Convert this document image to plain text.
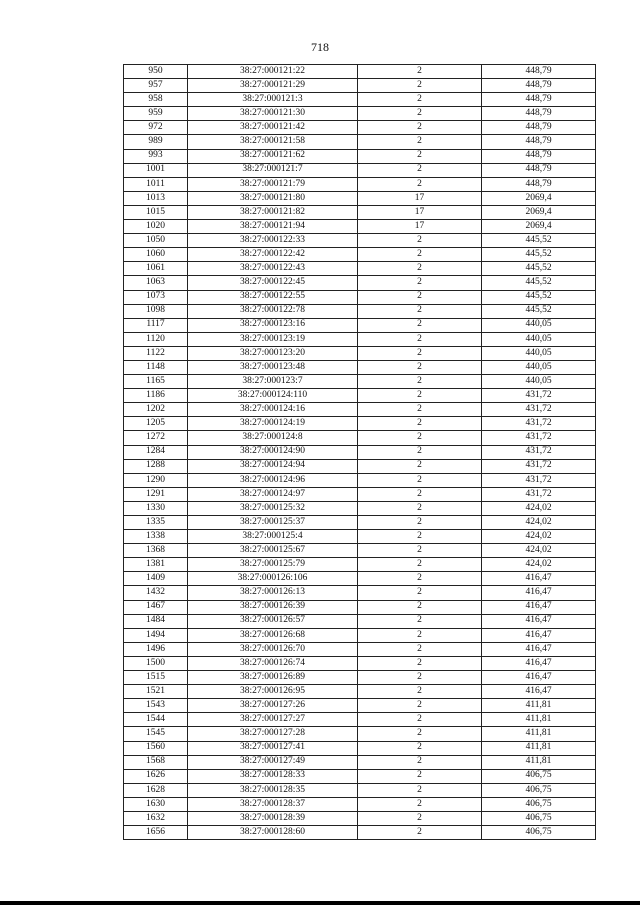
718
950	38:27:000121:22	2	448,79
957	38:27:000121:29	2	448,79
958	38:27:000121:3	2	448,79
959	38:27:000121:30	2	448,79
972	38:27:000121:42	2	448,79
989	38:27:000121:58	2	448,79
993	38:27:000121:62	2	448,79
1001	38:27:000121:7	2	448,79
1011	38:27:000121:79	2	448,79
1013	38:27:000121:80	17	2069,4
1015	38:27:000121:82	17	2069,4
1020	38:27:000121:94	17	2069,4
1050	38:27:000122:33	2	445,52
1060	38:27:000122:42	2	445,52
1061	38:27:000122:43	2	445,52
1063	38:27:000122:45	2	445,52
1073	38:27:000122:55	2	445,52
1098	38:27:000122:78	2	445,52
1117	38:27:000123:16	2	440,05
1120	38:27:000123:19	2	440,05
1122	38:27:000123:20	2	440,05
1148	38:27:000123:48	2	440,05
1165	38:27:000123:7	2	440,05
1186	38:27:000124:110	2	431,72
1202	38:27:000124:16	2	431,72
1205	38:27:000124:19	2	431,72
1272	38:27:000124:8	2	431,72
1284	38:27:000124:90	2	431,72
1288	38:27:000124:94	2	431,72
1290	38:27:000124:96	2	431,72
1291	38:27:000124:97	2	431,72
1330	38:27:000125:32	2	424,02
1335	38:27:000125:37	2	424,02
1338	38:27:000125:4	2	424,02
1368	38:27:000125:67	2	424,02
1381	38:27:000125:79	2	424,02
1409	38:27:000126:106	2	416,47
1432	38:27:000126:13	2	416,47
1467	38:27:000126:39	2	416,47
1484	38:27:000126:57	2	416,47
1494	38:27:000126:68	2	416,47
1496	38:27:000126:70	2	416,47
1500	38:27:000126:74	2	416,47
1515	38:27:000126:89	2	416,47
1521	38:27:000126:95	2	416,47
1543	38:27:000127:26	2	411,81
1544	38:27:000127:27	2	411,81
1545	38:27:000127:28	2	411,81
1560	38:27:000127:41	2	411,81
1568	38:27:000127:49	2	411,81
1626	38:27:000128:33	2	406,75
1628	38:27:000128:35	2	406,75
1630	38:27:000128:37	2	406,75
1632	38:27:000128:39	2	406,75
1656	38:27:000128:60	2	406,75
